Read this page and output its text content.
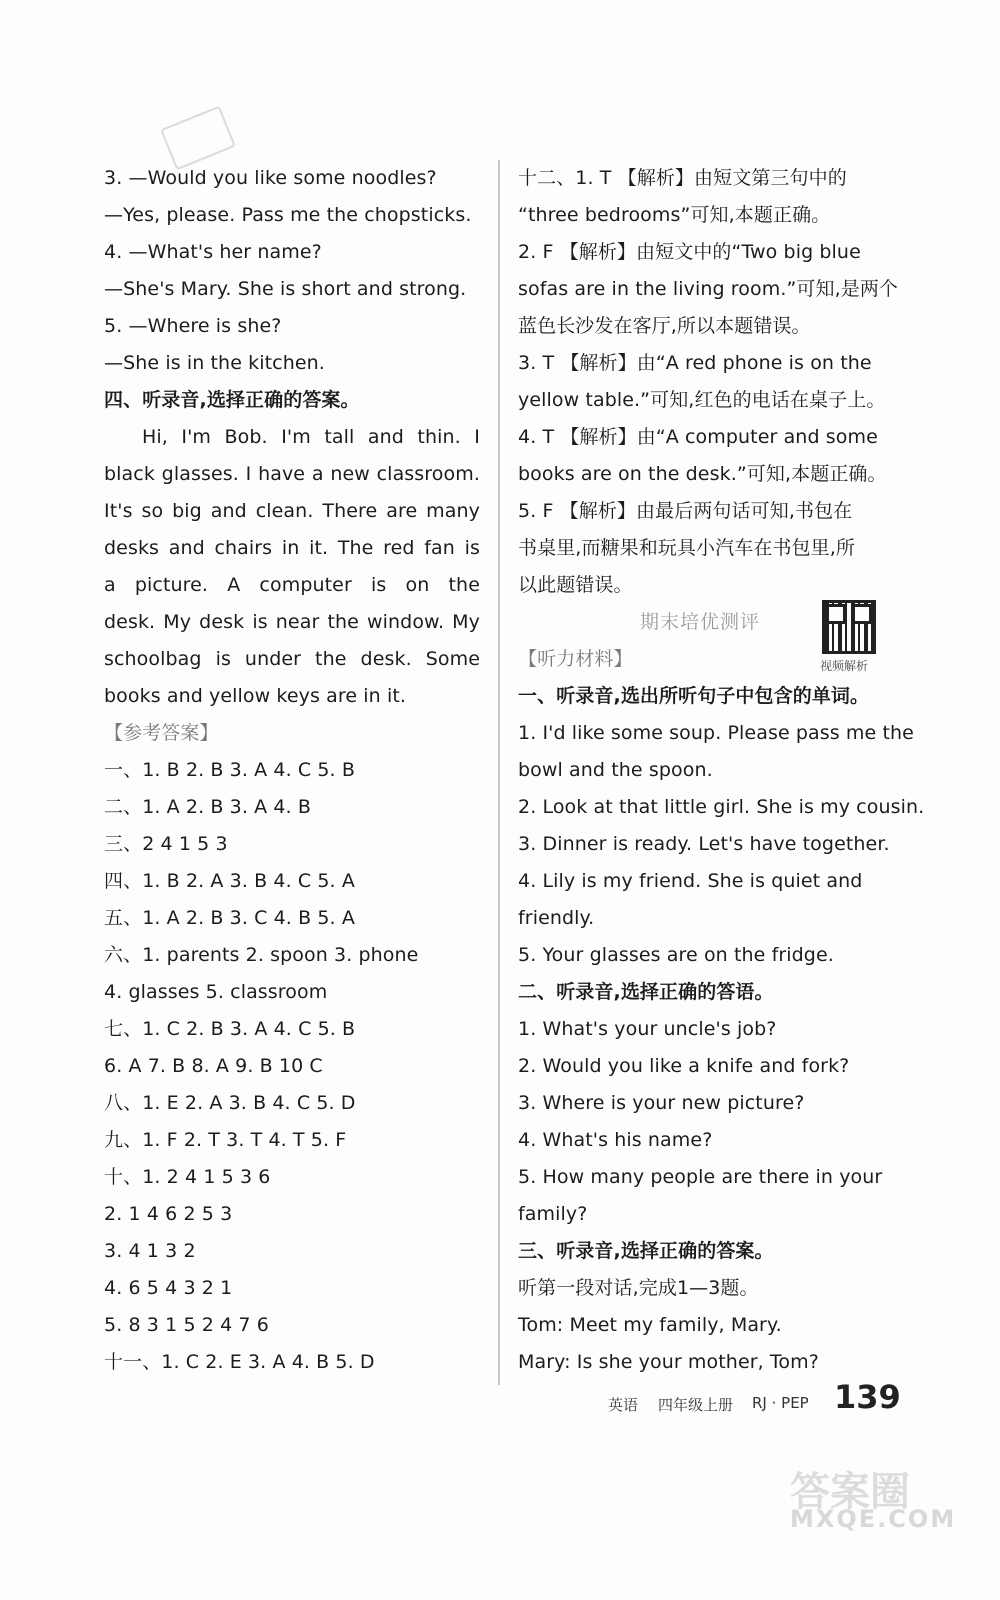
3. —Would you like some noodles?
—Yes, please. Pass me the chopsticks.
4. —What's her name?
—She's Mary. She is short and strong.
5. —Where is she?
—She is in the kitchen.
四、听录音,选择正确的答案。
Hi, I'm Bob. I'm tall and thin. I
black glasses. I have a new classroom.
It's so big and clean. There are many
desks and chairs in it. The red fan is
a picture. A computer is on the
desk. My desk is near the window. My
schoolbag is under the desk. Some
books and yellow keys are in it.
【参考答案】
一、1. B 2. B 3. A 4. C 5. B
二、1. A 2. B 3. A 4. B
三、2 4 1 5 3
四、1. B 2. A 3. B 4. C 5. A
五、1. A 2. B 3. C 4. B 5. A
六、1. parents 2. spoon 3. phone
4. glasses 5. classroom
七、1. C 2. B 3. A 4. C 5. B
6. A 7. B 8. A 9. B 10 C
八、1. E 2. A 3. B 4. C 5. D
九、1. F 2. T 3. T 4. T 5. F
十、1. 2 4 1 5 3 6
2. 1 4 6 2 5 3
3. 4 1 3 2
4. 6 5 4 3 2 1
5. 8 3 1 5 2 4 7 6
十一、1. C 2. E 3. A 4. B 5. D
十二、1. T 【解析】由短文第三句中的
“three bedrooms”可知,本题正确。
2. F 【解析】由短文中的“Two big blue
sofas are in the living room.”可知,是两个
蓝色长沙发在客厅,所以本题错误。
3. T 【解析】由“A red phone is on the
yellow table.”可知,红色的电话在桌子上。
4. T 【解析】由“A computer and some
books are on the desk.”可知,本题正确。
5. F 【解析】由最后两句话可知,书包在
书桌里,而糖果和玩具小汽车在书包里,所
以此题错误。
【听力材料】
一、听录音,选出所听句子中包含的单词。
1. I'd like some soup. Please pass me the
bowl and the spoon.
2. Look at that little girl. She is my cousin.
3. Dinner is ready. Let's have together.
4. Lily is my friend. She is quiet and
friendly.
5. Your glasses are on the fridge.
二、听录音,选择正确的答语。
1. What's your uncle's job?
2. Would you like a knife and fork?
3. Where is your new picture?
4. What's his name?
5. How many people are there in your
family?
三、听录音,选择正确的答案。
听第一段对话,完成1—3题。
Tom: Meet my family, Mary.
Mary: Is she your mother, Tom?
期末培优测评
视频解析
英语 四年级上册 RJ · PEP 139
答案圈
MXQE.COM
